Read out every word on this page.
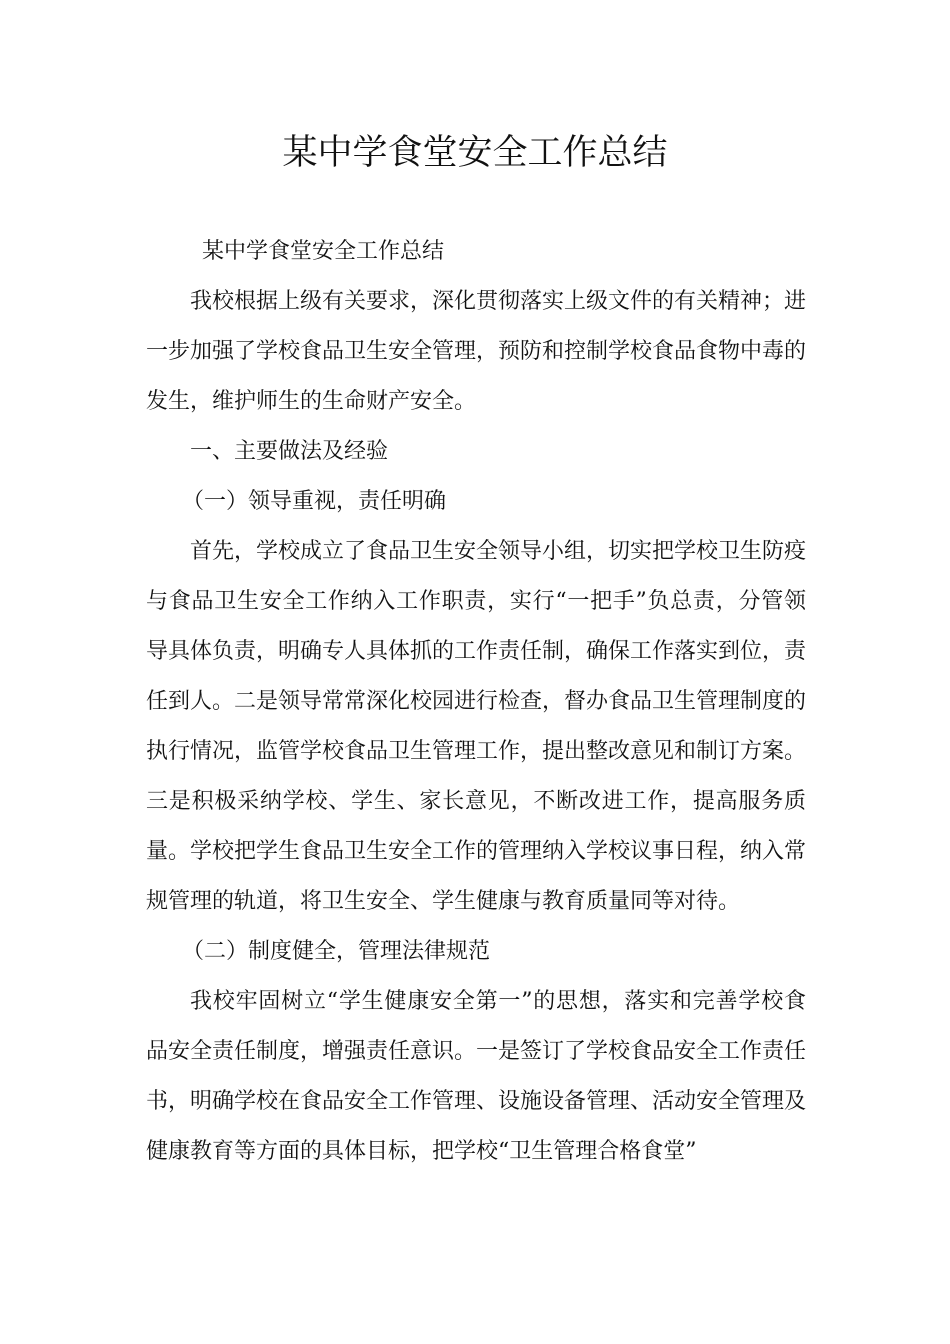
某中学食堂安全工作总结

某中学食堂安全工作总结

我校根据上级有关要求，深化贯彻落实上级文件的有关精神；进一步加强了学校食品卫生安全管理，预防和控制学校食品食物中毒的发生，维护师生的生命财产安全。

一、主要做法及经验

（一）领导重视，责任明确

首先，学校成立了食品卫生安全领导小组，切实把学校卫生防疫与食品卫生安全工作纳入工作职责，实行“一把手”负总责，分管领导具体负责，明确专人具体抓的工作责任制，确保工作落实到位，责任到人。二是领导常常深化校园进行检查，督办食品卫生管理制度的执行情况，监管学校食品卫生管理工作，提出整改意见和制订方案。三是积极采纳学校、学生、家长意见，不断改进工作，提高服务质量。学校把学生食品卫生安全工作的管理纳入学校议事日程，纳入常规管理的轨道，将卫生安全、学生健康与教育质量同等对待。

（二）制度健全，管理法律规范

我校牢固树立“学生健康安全第一”的思想，落实和完善学校食品安全责任制度，增强责任意识。一是签订了学校食品安全工作责任书，明确学校在食品安全工作管理、设施设备管理、活动安全管理及健康教育等方面的具体目标，把学校“卫生管理合格食堂”
